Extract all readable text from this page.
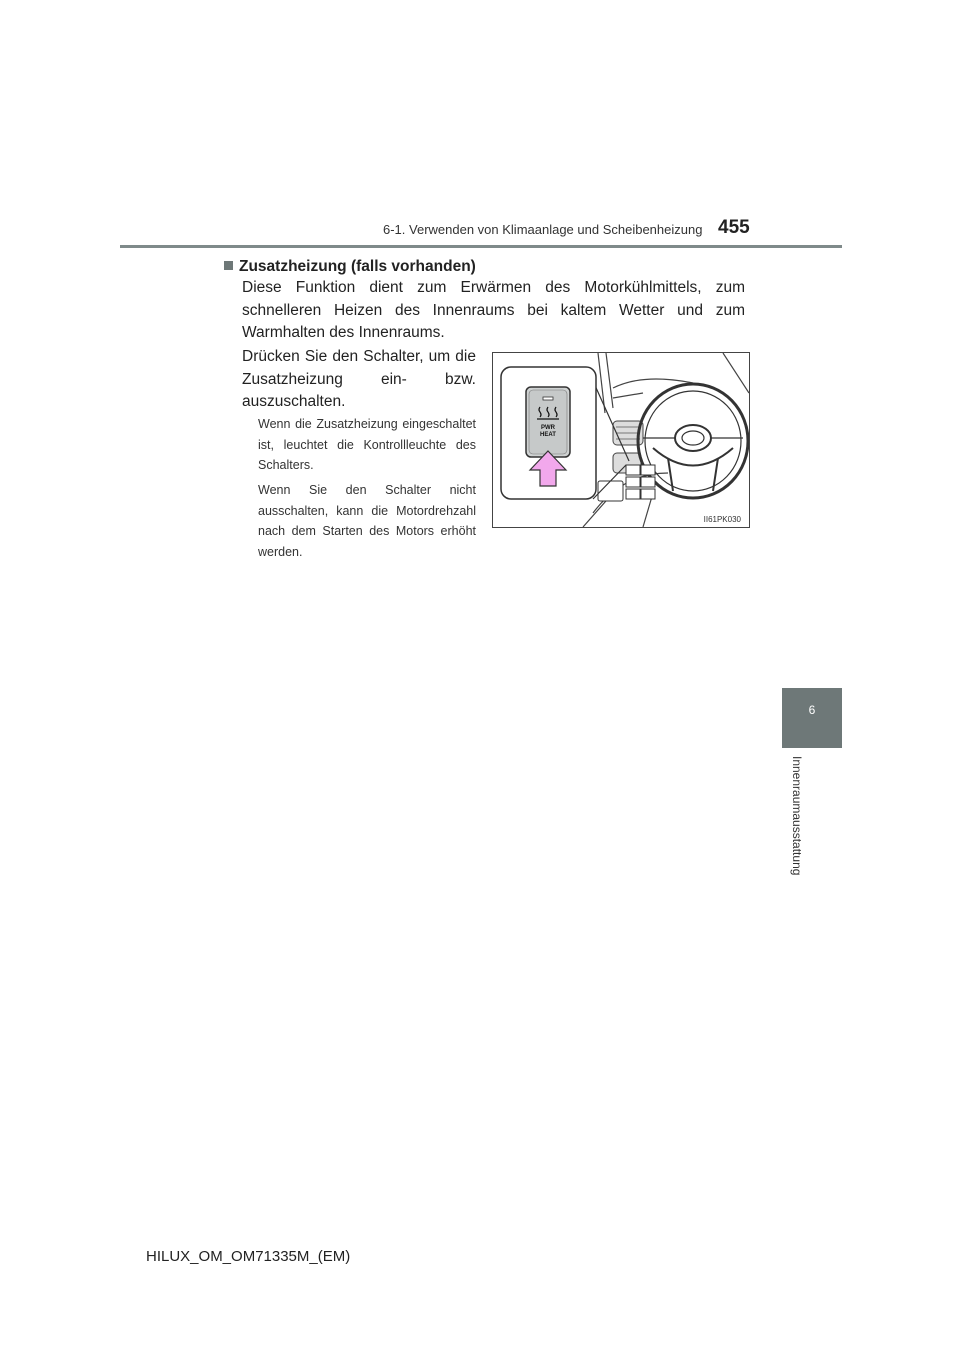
6-1. Verwenden von Klimaanlage und Scheibenheizung 455
6
Innenraumausstattung
Zusatzheizung (falls vorhanden)
Diese Funktion dient zum Erwärmen des Motorkühlmittels, zum schnelleren Heizen des Innenraums bei kaltem Wetter und zum Warmhalten des Innenraums.
Drücken Sie den Schalter, um die Zusatzheizung ein- bzw. auszuschalten.
Wenn die Zusatzheizung eingeschaltet ist, leuchtet die Kontrollleuchte des Schalters.
Wenn Sie den Schalter nicht ausschalten, kann die Motordrehzahl nach dem Starten des Motors erhöht werden.
PWR
HEAT
II61PK030
HILUX_OM_OM71335M_(EM)
